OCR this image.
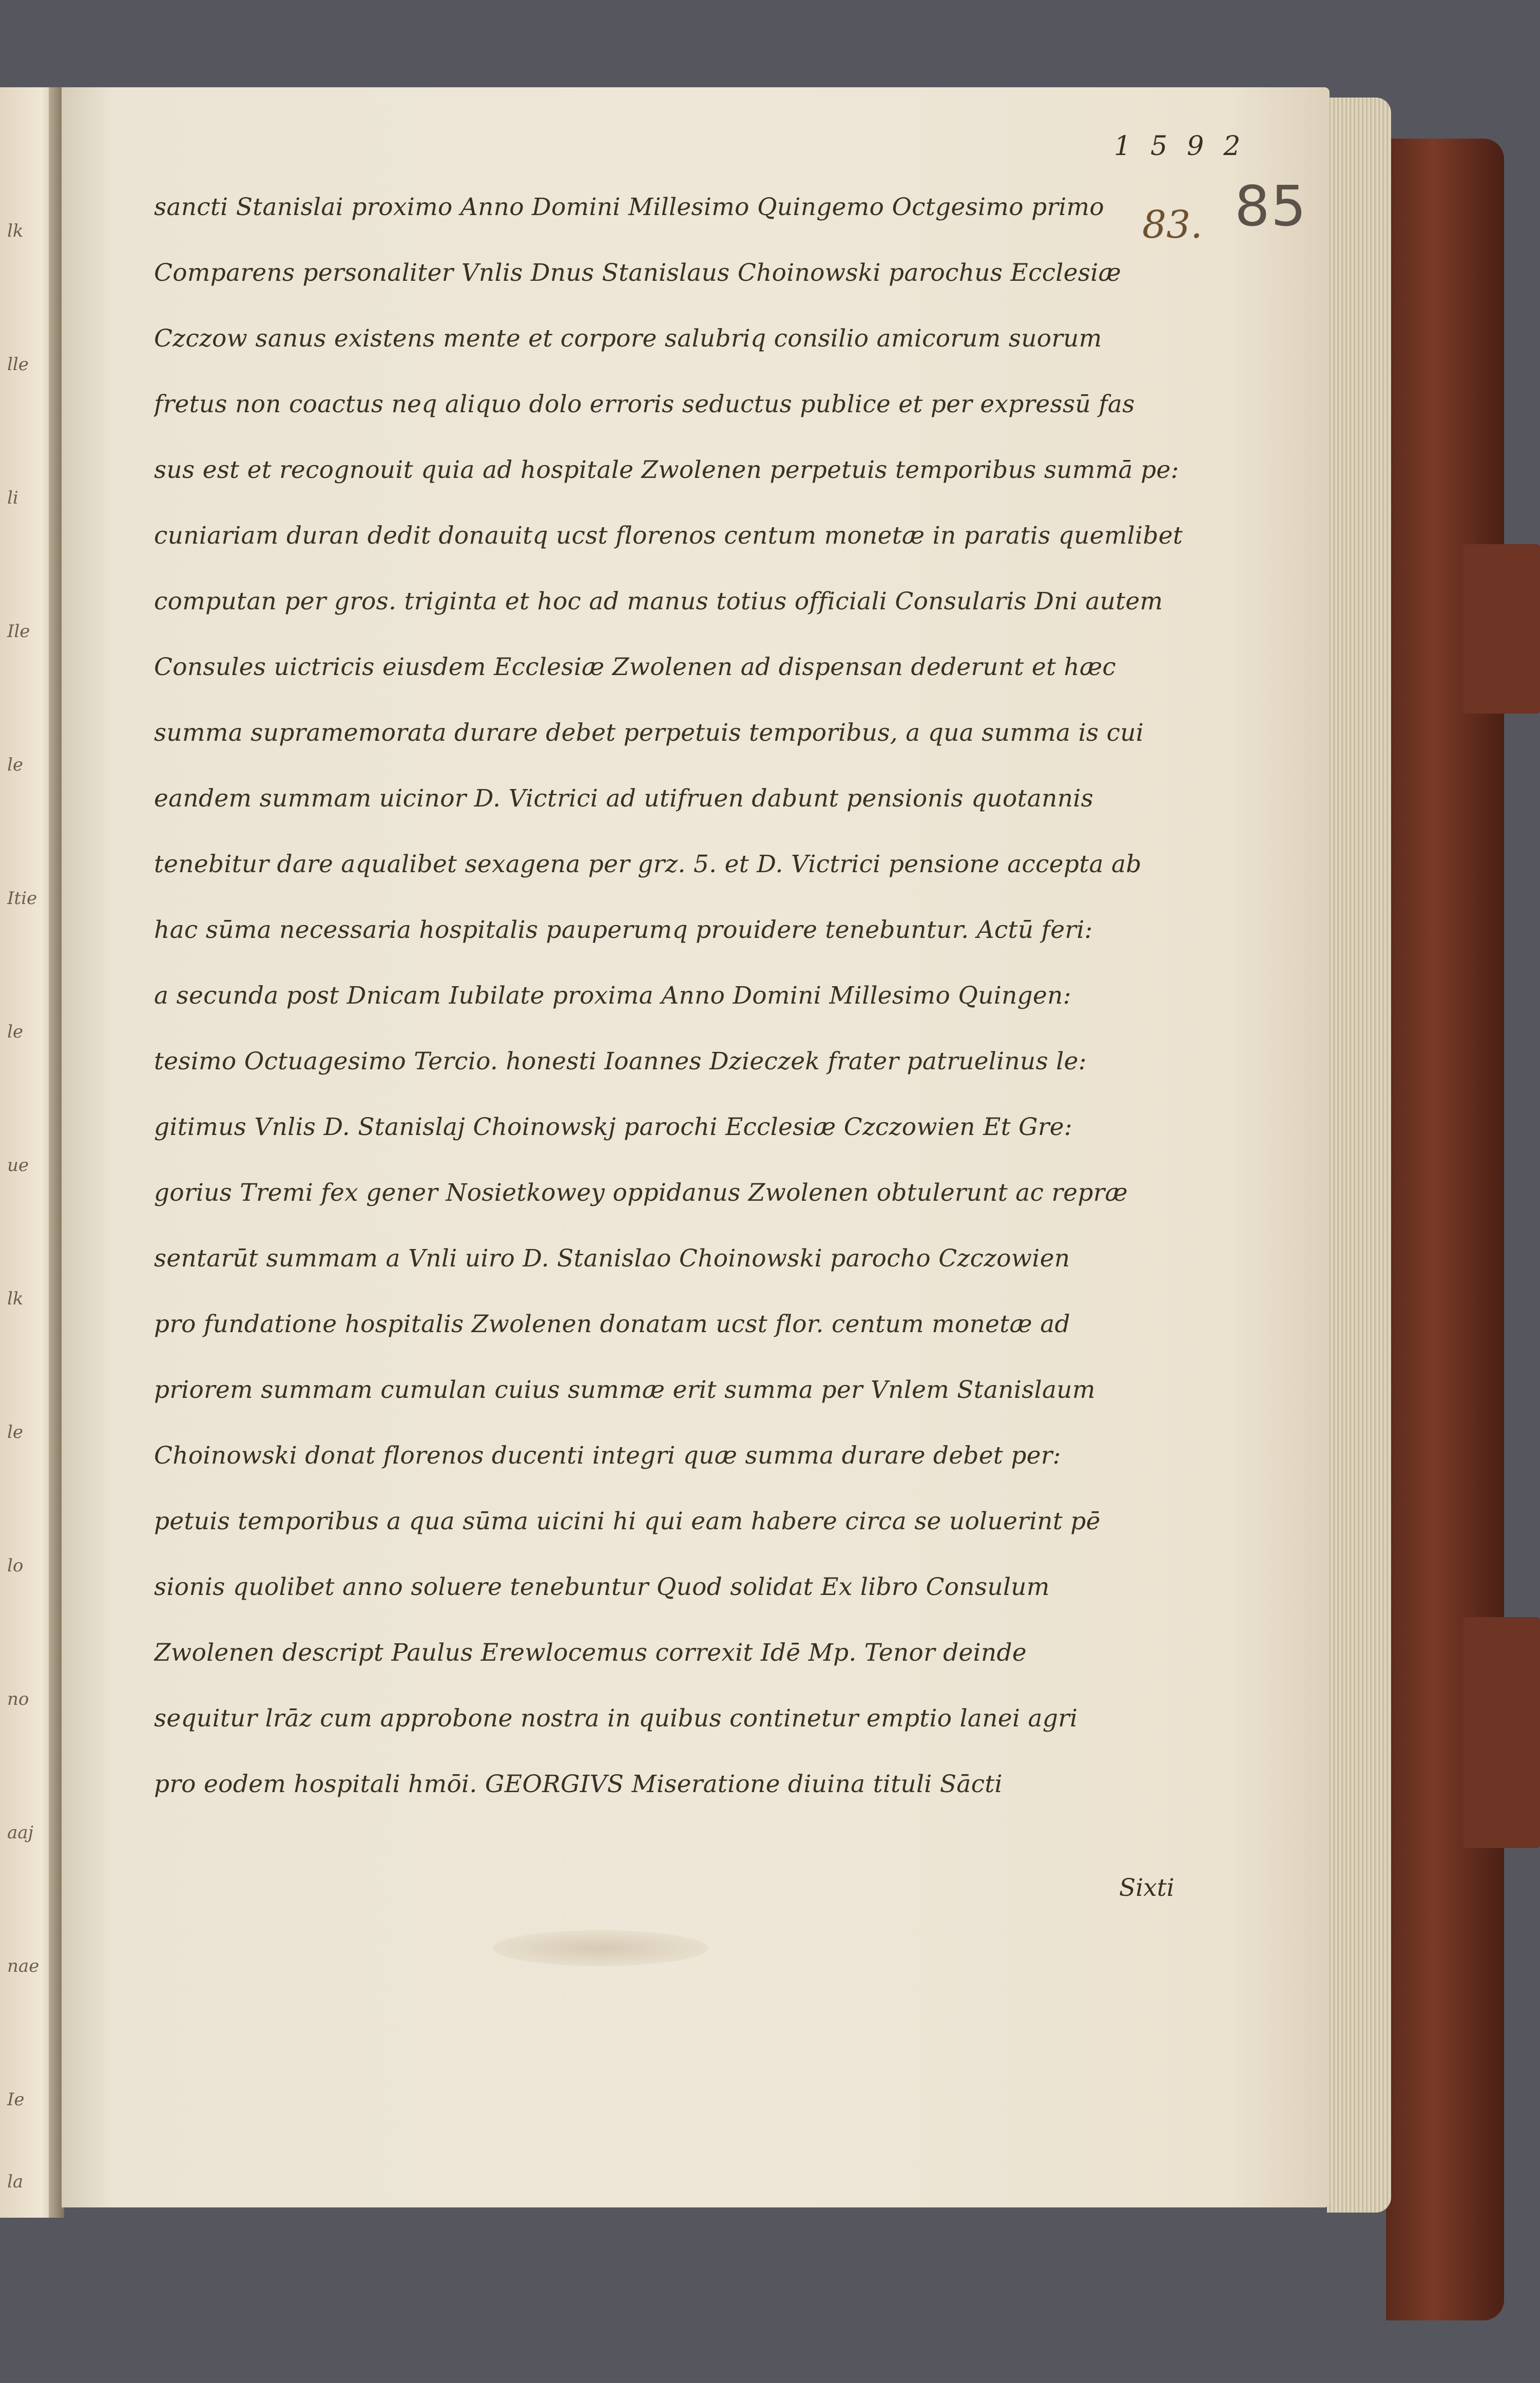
lk
lle
li
Ile
le
Itie
le
ue
lk
le
lo
no
aaj
nae
Ie
la
1592
83. 85
sancti Stanislai proximo Anno Domini Millesimo Quingemo Octgesimo primo
Comparens personaliter Vnlis Dnus Stanislaus Choinowski parochus Ecclesiæ
Czczow sanus existens mente et corpore salubriq consilio amicorum suorum
fretus non coactus neq aliquo dolo erroris seductus publice et per expressū fas
sus est et recognouit quia ad hospitale Zwolenen perpetuis temporibus summā pe:
cuniariam duran dedit donauitq ucst florenos centum monetæ in paratis quemlibet
computan per gros. triginta et hoc ad manus totius officiali Consularis Dni autem
Consules uictricis eiusdem Ecclesiæ Zwolenen ad dispensan dederunt et hæc
summa supramemorata durare debet perpetuis temporibus, a qua summa is cui
eandem summam uicinor D. Victrici ad utifruen dabunt pensionis quotannis
tenebitur dare aqualibet sexagena per grz. 5. et D. Victrici pensione accepta ab
hac sūma necessaria hospitalis pauperumq prouidere tenebuntur. Actū feri:
a secunda post Dnicam Iubilate proxima Anno Domini Millesimo Quingen:
tesimo Octuagesimo Tercio. honesti Ioannes Dzieczek frater patruelinus le:
gitimus Vnlis D. Stanislaj Choinowskj parochi Ecclesiæ Czczowien Et Gre:
gorius Tremi fex gener Nosietkowey oppidanus Zwolenen obtulerunt ac repræ
sentarūt summam a Vnli uiro D. Stanislao Choinowski parocho Czczowien
pro fundatione hospitalis Zwolenen donatam ucst flor. centum monetæ ad
priorem summam cumulan cuius summæ erit summa per Vnlem Stanislaum
Choinowski donat florenos ducenti integri quæ summa durare debet per:
petuis temporibus a qua sūma uicini hi qui eam habere circa se uoluerint pē
sionis quolibet anno soluere tenebuntur Quod solidat Ex libro Consulum
Zwolenen descript Paulus Erewlocemus correxit Idē Mp. Tenor deinde
sequitur lrāz cum approbone nostra in quibus continetur emptio lanei agri
pro eodem hospitali hmōi. GEORGIVS Miseratione diuina tituli Sācti
Sixti
